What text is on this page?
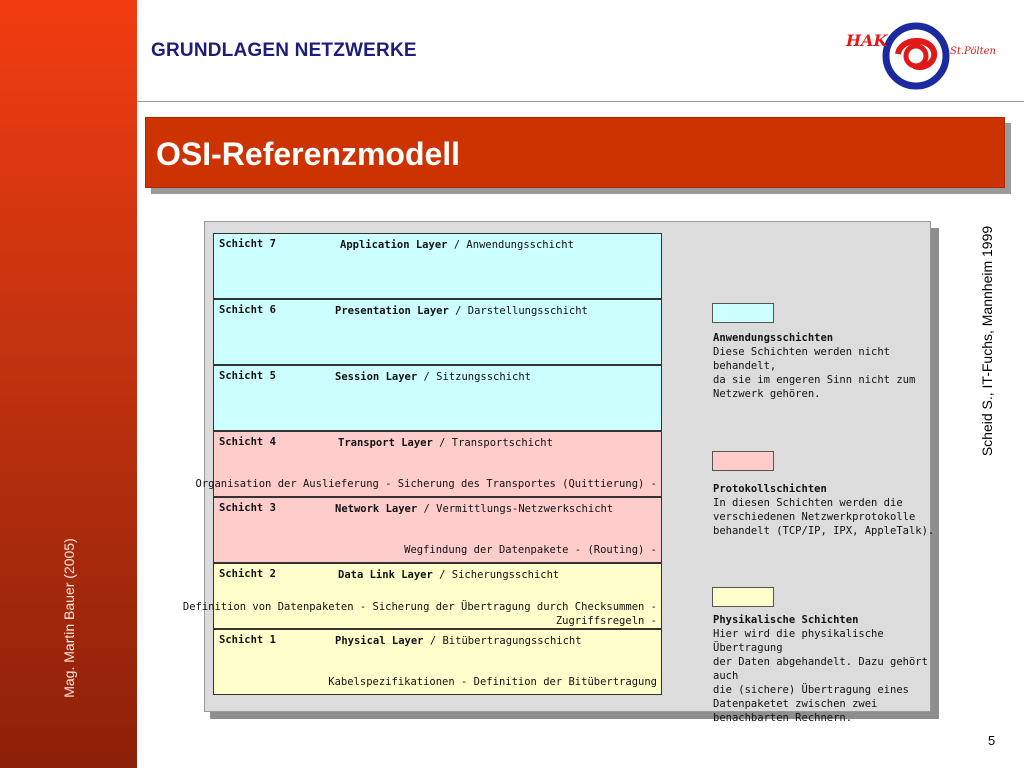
Mag. Martin Bauer (2005)
GRUNDLAGEN NETZWERKE	HAK
St.Pölten
OSI-Referenzmodell
Scheid S., IT-Fuchs, Mannheim 1999
Schicht 7	Application Layer / Anwendungsschicht
Schicht 6	Presentation Layer / Darstellungsschicht
Schicht 5	Session Layer / Sitzungsschicht
Schicht 4	Transport Layer / Transportschicht
Organisation der Auslieferung - Sicherung des Transportes (Quittierung) -
Schicht 3	Network Layer / Vermittlungs-Netzwerkschicht
Wegfindung der Datenpakete - (Routing) -
Schicht 2	Data Link Layer / Sicherungsschicht
Definition von Datenpaketen - Sicherung der Übertragung durch Checksummen -
Zugriffsregeln -
Schicht 1	Physical Layer / Bitübertragungsschicht
Kabelspezifikationen - Definition der Bitübertragung
Anwendungsschichten
Diese Schichten werden nicht behandelt,
da sie im engeren Sinn nicht zum
Netzwerk gehören.
Protokollschichten
In diesen Schichten werden die
verschiedenen Netzwerkprotokolle
behandelt (TCP/IP, IPX, AppleTalk).
Physikalische Schichten
Hier wird die physikalische Übertragung
der Daten abgehandelt. Dazu gehört auch
die (sichere) Übertragung eines
Datenpaketet zwischen zwei
benachbarten Rechnern.
5
